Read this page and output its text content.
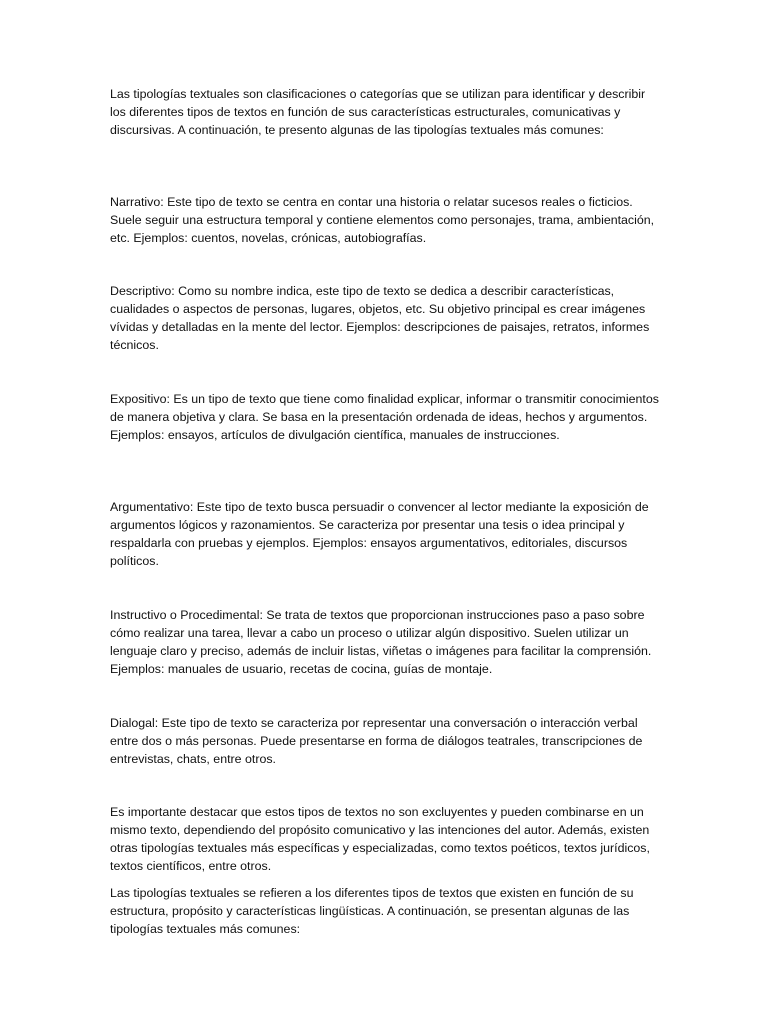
Las tipologías textuales son clasificaciones o categorías que se utilizan para identificar y describir los diferentes tipos de textos en función de sus características estructurales, comunicativas y discursivas. A continuación, te presento algunas de las tipologías textuales más comunes:

Narrativo: Este tipo de texto se centra en contar una historia o relatar sucesos reales o ficticios. Suele seguir una estructura temporal y contiene elementos como personajes, trama, ambientación, etc. Ejemplos: cuentos, novelas, crónicas, autobiografías.

Descriptivo: Como su nombre indica, este tipo de texto se dedica a describir características, cualidades o aspectos de personas, lugares, objetos, etc. Su objetivo principal es crear imágenes vívidas y detalladas en la mente del lector. Ejemplos: descripciones de paisajes, retratos, informes técnicos.

Expositivo: Es un tipo de texto que tiene como finalidad explicar, informar o transmitir conocimientos de manera objetiva y clara. Se basa en la presentación ordenada de ideas, hechos y argumentos. Ejemplos: ensayos, artículos de divulgación científica, manuales de instrucciones.

Argumentativo: Este tipo de texto busca persuadir o convencer al lector mediante la exposición de argumentos lógicos y razonamientos. Se caracteriza por presentar una tesis o idea principal y respaldarla con pruebas y ejemplos. Ejemplos: ensayos argumentativos, editoriales, discursos políticos.

Instructivo o Procedimental: Se trata de textos que proporcionan instrucciones paso a paso sobre cómo realizar una tarea, llevar a cabo un proceso o utilizar algún dispositivo. Suelen utilizar un lenguaje claro y preciso, además de incluir listas, viñetas o imágenes para facilitar la comprensión. Ejemplos: manuales de usuario, recetas de cocina, guías de montaje.

Dialogal: Este tipo de texto se caracteriza por representar una conversación o interacción verbal entre dos o más personas. Puede presentarse en forma de diálogos teatrales, transcripciones de entrevistas, chats, entre otros.

Es importante destacar que estos tipos de textos no son excluyentes y pueden combinarse en un mismo texto, dependiendo del propósito comunicativo y las intenciones del autor. Además, existen otras tipologías textuales más específicas y especializadas, como textos poéticos, textos jurídicos, textos científicos, entre otros.

Las tipologías textuales se refieren a los diferentes tipos de textos que existen en función de su estructura, propósito y características lingüísticas. A continuación, se presentan algunas de las tipologías textuales más comunes:
